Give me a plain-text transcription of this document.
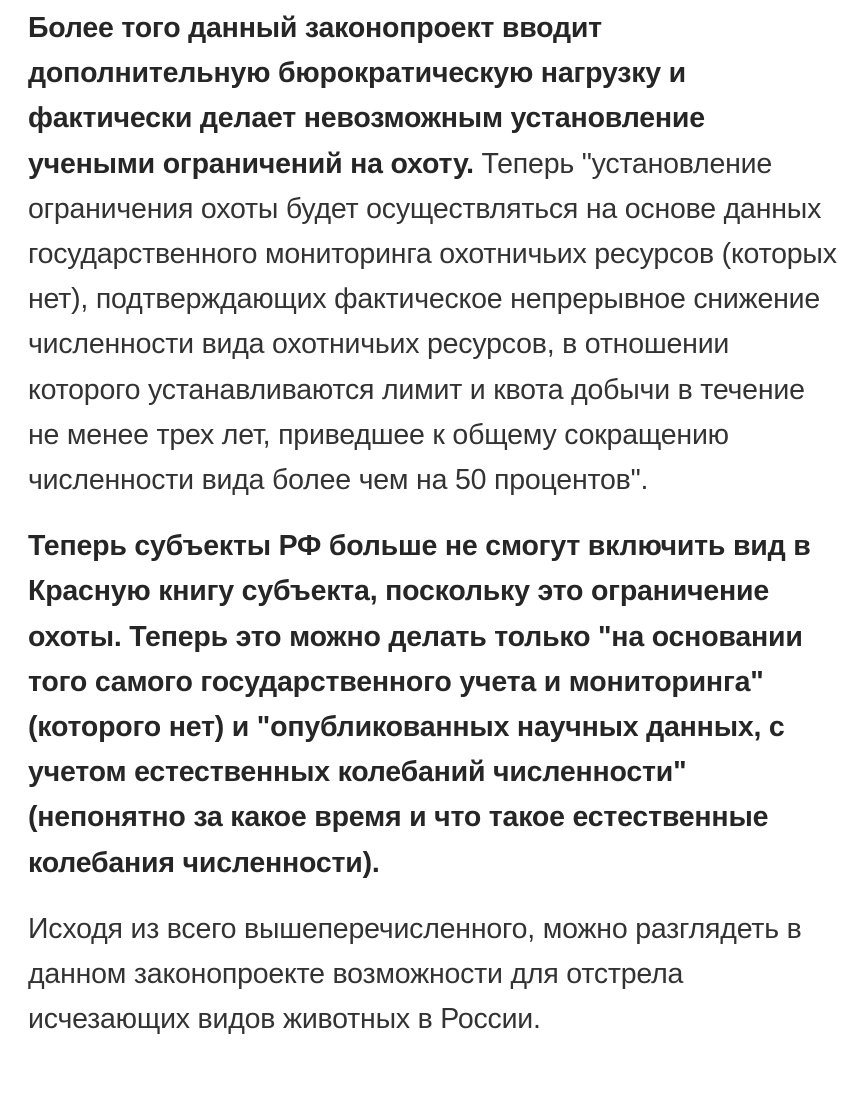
Более того данный законопроект вводит дополнительную бюрократическую нагрузку и фактически делает невозможным установление учеными ограничений на охоту. Теперь "установление ограничения охоты будет осуществляться на основе данных государственного мониторинга охотничьих ресурсов (которых нет), подтверждающих фактическое непрерывное снижение численности вида охотничьих ресурсов, в отношении которого устанавливаются лимит и квота добычи в течение не менее трех лет, приведшее к общему сокращению численности вида более чем на 50 процентов".

Теперь субъекты РФ больше не смогут включить вид в Красную книгу субъекта, поскольку это ограничение охоты. Теперь это можно делать только "на основании того самого государственного учета и мониторинга" (которого нет) и "опубликованных научных данных, с учетом естественных колебаний численности" (непонятно за какое время и что такое естественные колебания численности).

Исходя из всего вышеперечисленного, можно разглядеть в данном законопроекте возможности для отстрела исчезающих видов животных в России.
